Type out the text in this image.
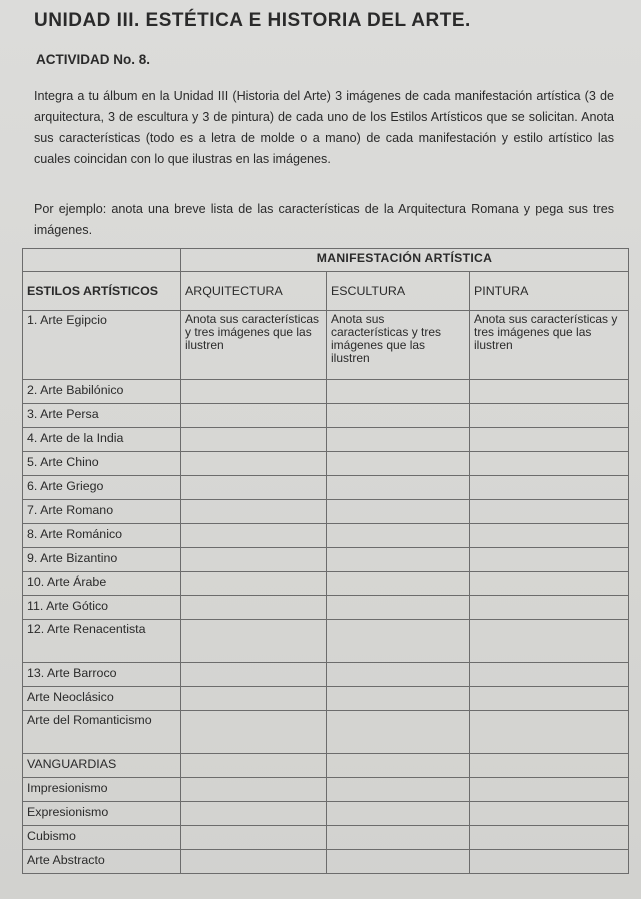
UNIDAD III. ESTÉTICA E HISTORIA DEL ARTE.
ACTIVIDAD No. 8.
Integra a tu álbum en la Unidad III (Historia del Arte) 3 imágenes de cada manifestación artística (3 de arquitectura, 3 de escultura y 3 de pintura) de cada uno de los Estilos Artísticos que se solicitan. Anota sus características (todo es a letra de molde o a mano) de cada manifestación y estilo artístico las cuales coincidan con lo que ilustras en las imágenes.
Por ejemplo: anota una breve lista de las características de la Arquitectura Romana y pega sus tres imágenes.
	MANIFESTACIÓN ARTÍSTICA		
ESTILOS ARTÍSTICOS	ARQUITECTURA	ESCULTURA	PINTURA
1. Arte Egipcio	Anota sus características y tres imágenes que las ilustren	Anota sus características y tres imágenes que las ilustren	Anota sus características y tres imágenes que las ilustren
2. Arte Babilónico			
3. Arte Persa			
4. Arte de la India			
5. Arte Chino			
6. Arte Griego			
7. Arte Romano			
8. Arte Románico			
9. Arte Bizantino			
10. Arte Árabe			
11. Arte Gótico			
12. Arte Renacentista			
13. Arte Barroco			
Arte Neoclásico			
Arte del Romanticismo			
VANGUARDIAS			
Impresionismo			
Expresionismo			
Cubismo			
Arte Abstracto			
